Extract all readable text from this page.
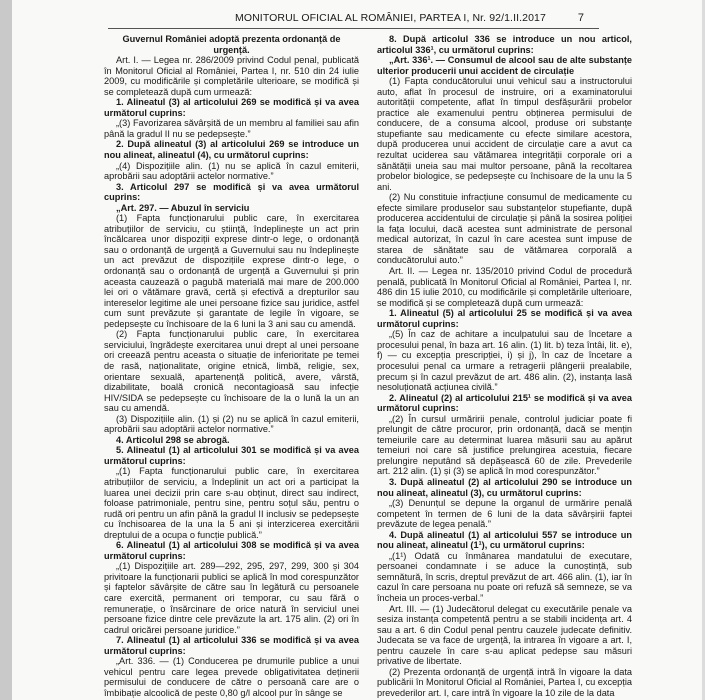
MONITORUL OFICIAL AL ROMÂNIEI, PARTEA I, Nr. 92/1.II.2017	7

Guvernul României adoptă prezenta ordonanță de urgență.

Art. I. — Legea nr. 286/2009 privind Codul penal, publicată în Monitorul Oficial al României, Partea I, nr. 510 din 24 iulie 2009, cu modificările și completările ulterioare, se modifică și se completează după cum urmează:

1. Alineatul (3) al articolului 269 se modifică și va avea următorul cuprins:

„(3) Favorizarea săvârșită de un membru al familiei sau afin până la gradul II nu se pedepsește.”

2. După alineatul (3) al articolului 269 se introduce un nou alineat, alineatul (4), cu următorul cuprins:

„(4) Dispozițiile alin. (1) nu se aplică în cazul emiterii, aprobării sau adoptării actelor normative.”

3. Articolul 297 se modifică și va avea următorul cuprins:

„Art. 297. — Abuzul în serviciu

(1) Fapta funcționarului public care, în exercitarea atribuțiilor de serviciu, cu știință, îndeplinește un act prin încălcarea unor dispoziții exprese dintr-o lege, o ordonanță sau o ordonanță de urgență a Guvernului sau nu îndeplinește un act prevăzut de dispozițiile exprese dintr-o lege, o ordonanță sau o ordonanță de urgență a Guvernului și prin aceasta cauzează o pagubă materială mai mare de 200.000 lei ori o vătămare gravă, certă și efectivă a drepturilor sau intereselor legitime ale unei persoane fizice sau juridice, astfel cum sunt prevăzute și garantate de legile în vigoare, se pedepsește cu închisoare de la 6 luni la 3 ani sau cu amendă.

(2) Fapta funcționarului public care, în exercitarea serviciului, îngrădește exercitarea unui drept al unei persoane ori creează pentru aceasta o situație de inferioritate pe temei de rasă, naționalitate, origine etnică, limbă, religie, sex, orientare sexuală, apartenență politică, avere, vârstă, dizabilitate, boală cronică necontagioasă sau infecție HIV/SIDA se pedepsește cu închisoare de la o lună la un an sau cu amendă.

(3) Dispozițiile alin. (1) și (2) nu se aplică în cazul emiterii, aprobării sau adoptării actelor normative.”

4. Articolul 298 se abrogă.

5. Alineatul (1) al articolului 301 se modifică și va avea următorul cuprins:

„(1) Fapta funcționarului public care, în exercitarea atribuțiilor de serviciu, a îndeplinit un act ori a participat la luarea unei decizii prin care s-au obținut, direct sau indirect, foloase patrimoniale, pentru sine, pentru soțul său, pentru o rudă ori pentru un afin până la gradul II inclusiv se pedepsește cu închisoarea de la una la 5 ani și interzicerea exercitării dreptului de a ocupa o funcție publică.”

6. Alineatul (1) al articolului 308 se modifică și va avea următorul cuprins:

„(1) Dispozițiile art. 289—292, 295, 297, 299, 300 și 304 privitoare la funcționarii publici se aplică în mod corespunzător și faptelor săvârșite de către sau în legătură cu persoanele care exercită, permanent ori temporar, cu sau fără o remunerație, o însărcinare de orice natură în serviciul unei persoane fizice dintre cele prevăzute la art. 175 alin. (2) ori în cadrul oricărei persoane juridice.”

7. Alineatul (1) al articolului 336 se modifică și va avea următorul cuprins:

„Art. 336. — (1) Conducerea pe drumurile publice a unui vehicul pentru care legea prevede obligativitatea deținerii permisului de conducere de către o persoană care are o îmbibație alcoolică de peste 0,80 g/l alcool pur în sânge se

8. După articolul 336 se introduce un nou articol, articolul 336¹, cu următorul cuprins:

„Art. 336¹. — Consumul de alcool sau de alte substanțe ulterior producerii unui accident de circulație

(1) Fapta conducătorului unui vehicul sau a instructorului auto, aflat în procesul de instruire, ori a examinatorului autorității competente, aflat în timpul desfășurării probelor practice ale examenului pentru obținerea permisului de conducere, de a consuma alcool, produse ori substanțe stupefiante sau medicamente cu efecte similare acestora, după producerea unui accident de circulație care a avut ca rezultat uciderea sau vătămarea integrității corporale ori a sănătății uneia sau mai multor persoane, până la recoltarea probelor biologice, se pedepsește cu închisoare de la unu la 5 ani.

(2) Nu constituie infracțiune consumul de medicamente cu efecte similare produselor sau substanțelor stupefiante, după producerea accidentului de circulație și până la sosirea poliției la fața locului, dacă acestea sunt administrate de personal medical autorizat, în cazul în care acestea sunt impuse de starea de sănătate sau de vătămarea corporală a conducătorului auto.”

Art. II. — Legea nr. 135/2010 privind Codul de procedură penală, publicată în Monitorul Oficial al României, Partea I, nr. 486 din 15 iulie 2010, cu modificările și completările ulterioare, se modifică și se completează după cum urmează:

1. Alineatul (5) al articolului 25 se modifică și va avea următorul cuprins:

„(5) În caz de achitare a inculpatului sau de încetare a procesului penal, în baza art. 16 alin. (1) lit. b) teza întâi, lit. e), f) — cu excepția prescripției, i) și j), în caz de încetare a procesului penal ca urmare a retragerii plângerii prealabile, precum și în cazul prevăzut de art. 486 alin. (2), instanța lasă nesoluționată acțiunea civilă.”

2. Alineatul (2) al articolului 215¹ se modifică și va avea următorul cuprins:

„(2) În cursul urmăririi penale, controlul judiciar poate fi prelungit de către procuror, prin ordonanță, dacă se mențin temeiurile care au determinat luarea măsurii sau au apărut temeiuri noi care să justifice prelungirea acestuia, fiecare prelungire neputând să depășească 60 de zile. Prevederile art. 212 alin. (1) și (3) se aplică în mod corespunzător.”

3. După alineatul (2) al articolului 290 se introduce un nou alineat, alineatul (3), cu următorul cuprins:

„(3) Denunțul se depune la organul de urmărire penală competent în termen de 6 luni de la data săvârșirii faptei prevăzute de legea penală.”

4. După alineatul (1) al articolului 557 se introduce un nou alineat, alineatul (1¹), cu următorul cuprins:

„(1¹) Odată cu înmânarea mandatului de executare, persoanei condamnate i se aduce la cunoștință, sub semnătură, în scris, dreptul prevăzut de art. 466 alin. (1), iar în cazul în care persoana nu poate ori refuză să semneze, se va încheia un proces-verbal.”

Art. III. — (1) Judecătorul delegat cu executările penale va sesiza instanța competentă pentru a se stabili incidența art. 4 sau a art. 6 din Codul penal pentru cauzele judecate definitiv. Judecata se va face de urgență, la intrarea în vigoare a art. I, pentru cauzele în care s-au aplicat pedepse sau măsuri privative de libertate.

(2) Prezenta ordonanță de urgență intră în vigoare la data publicării în Monitorul Oficial al României, Partea I, cu excepția prevederilor art. I, care intră în vigoare la 10 zile de la data
